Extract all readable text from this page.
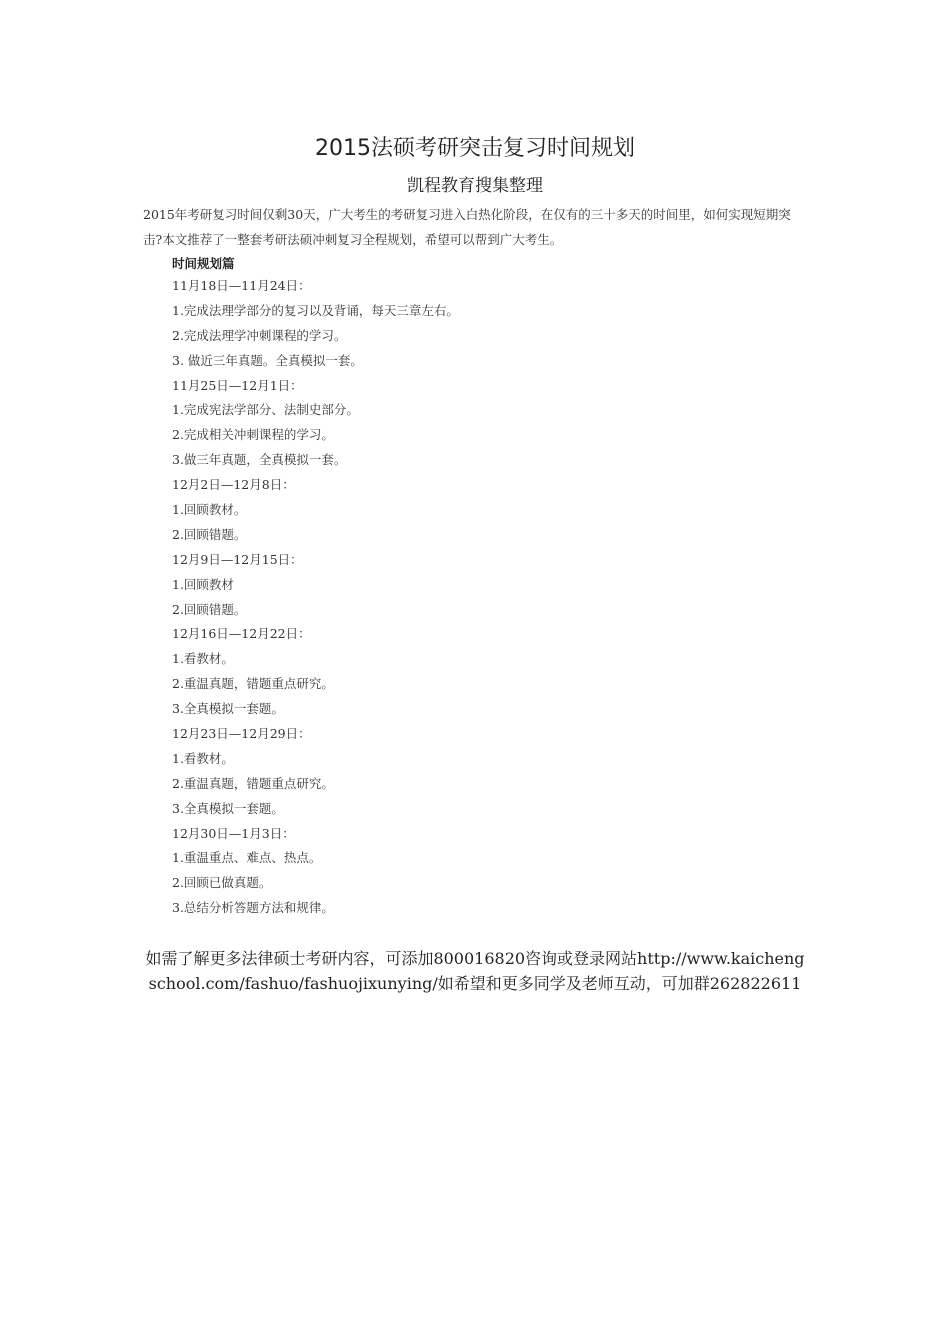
2015法硕考研突击复习时间规划
凯程教育搜集整理
2015年考研复习时间仅剩30天，广大考生的考研复习进入白热化阶段，在仅有的三十多天的时间里，如何实现短期突击?本文推荐了一整套考研法硕冲刺复习全程规划，希望可以帮到广大考生。
时间规划篇
11月18日—11月24日：
1.完成法理学部分的复习以及背诵，每天三章左右。
2.完成法理学冲刺课程的学习。
3. 做近三年真题。全真模拟一套。
11月25日—12月1日：
1.完成宪法学部分、法制史部分。
2.完成相关冲刺课程的学习。
3.做三年真题，全真模拟一套。
12月2日—12月8日：
1.回顾教材。
2.回顾错题。
12月9日—12月15日：
1.回顾教材
2.回顾错题。
12月16日—12月22日：
1.看教材。
2.重温真题，错题重点研究。
3.全真模拟一套题。
12月23日—12月29日：
1.看教材。
2.重温真题，错题重点研究。
3.全真模拟一套题。
12月30日—1月3日：
1.重温重点、难点、热点。
2.回顾已做真题。
3.总结分析答题方法和规律。
如需了解更多法律硕士考研内容，可添加800016820咨询或登录网站http://www.kaichengschool.com/fashuo/fashuojixunying/如希望和更多同学及老师互动，可加群262822611
